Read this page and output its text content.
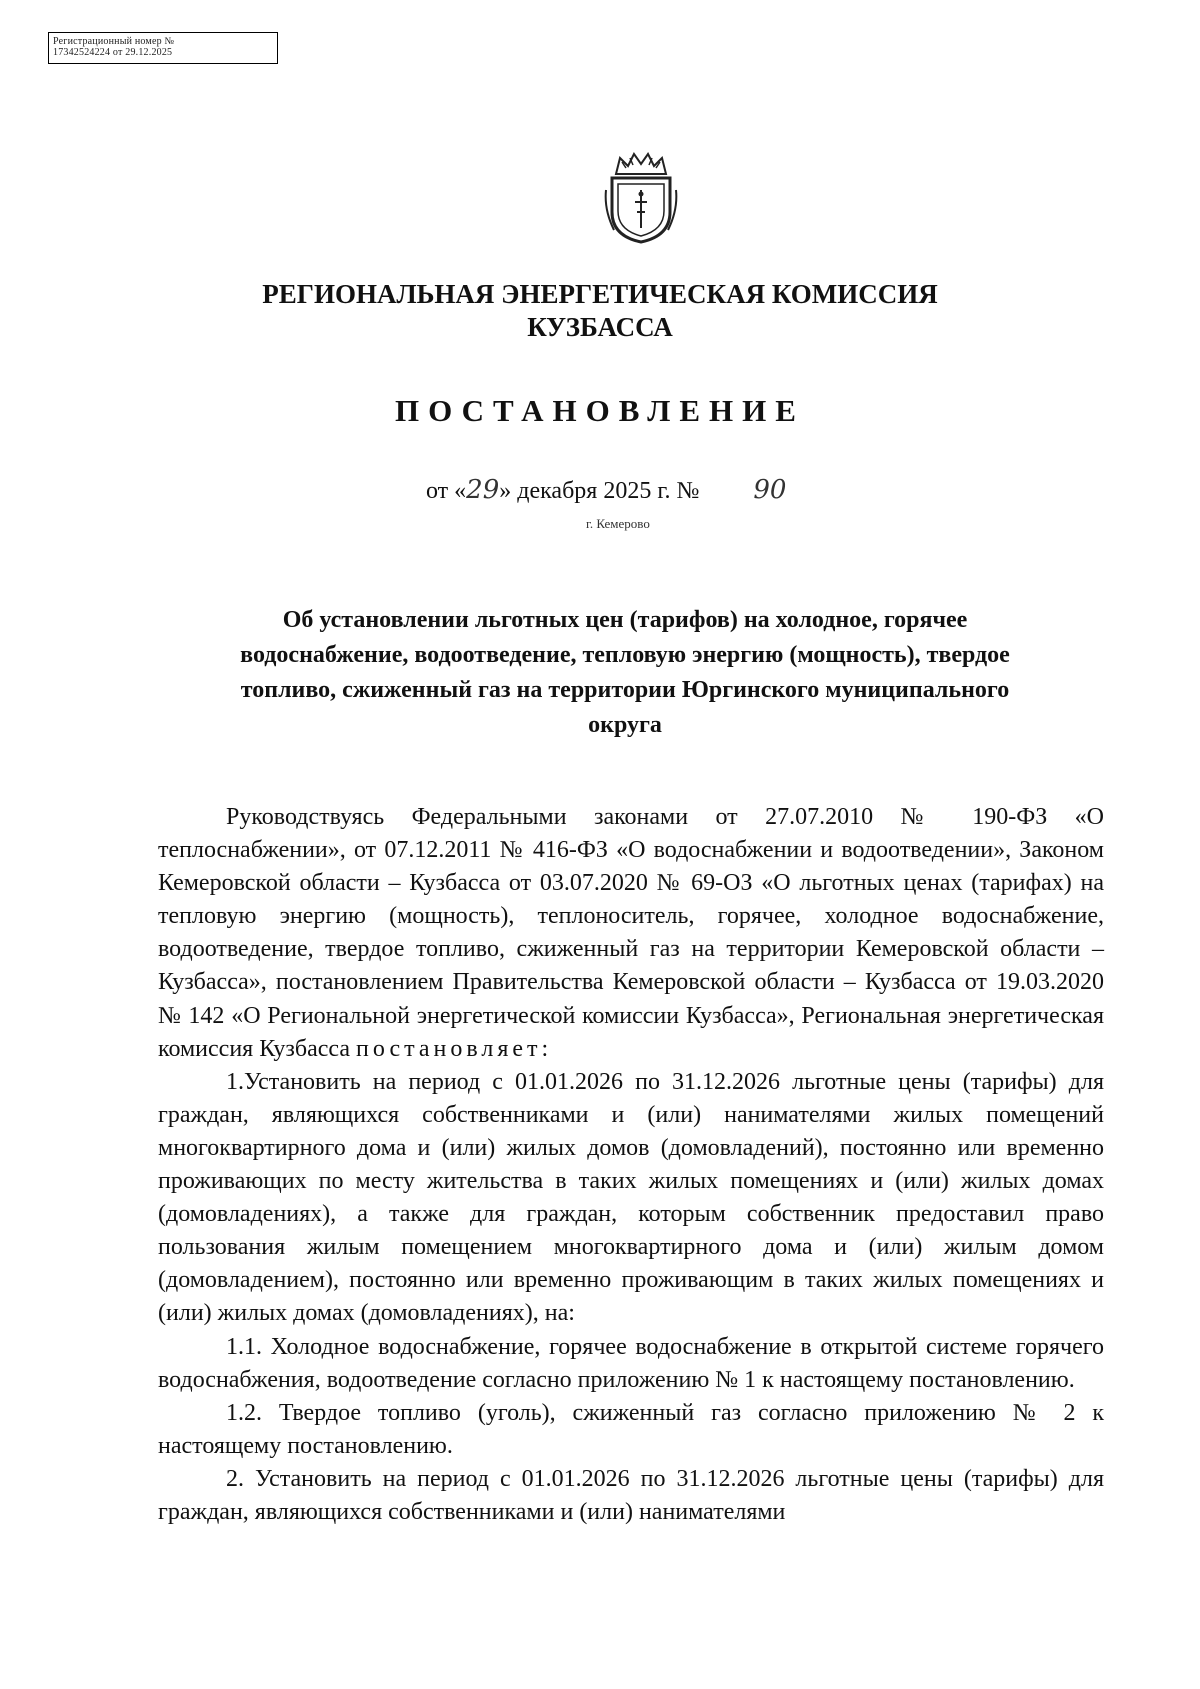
Регистрационный номер №
17342524224 от 29.12.2025
РЕГИОНАЛЬНАЯ ЭНЕРГЕТИЧЕСКАЯ КОМИССИЯ
КУЗБАССА
ПОСТАНОВЛЕНИЕ
от «29» декабря 2025 г. № 90
г. Кемерово
Об установлении льготных цен (тарифов) на холодное, горячее
водоснабжение, водоотведение, тепловую энергию (мощность), твердое
топливо, сжиженный газ на территории Юргинского муниципального
округа

Руководствуясь Федеральными законами от 27.07.2010 № 190-ФЗ «О теплоснабжении», от 07.12.2011 № 416-ФЗ «О водоснабжении и водоотведении», Законом Кемеровской области – Кузбасса от 03.07.2020 № 69-ОЗ «О льготных ценах (тарифах) на тепловую энергию (мощность), теплоноситель, горячее, холодное водоснабжение, водоотведение, твердое топливо, сжиженный газ на территории Кемеровской области – Кузбасса», постановлением Правительства Кемеровской области – Кузбасса от 19.03.2020 № 142 «О Региональной энергетической комиссии Кузбасса», Региональная энергетическая комиссия Кузбасса постановляет:

1.Установить на период с 01.01.2026 по 31.12.2026 льготные цены (тарифы) для граждан, являющихся собственниками и (или) нанимателями жилых помещений многоквартирного дома и (или) жилых домов (домовладений), постоянно или временно проживающих по месту жительства в таких жилых помещениях и (или) жилых домах (домовладениях), а также для граждан, которым собственник предоставил право пользования жилым помещением многоквартирного дома и (или) жилым домом (домовладением), постоянно или временно проживающим в таких жилых помещениях и (или) жилых домах (домовладениях), на:

1.1. Холодное водоснабжение, горячее водоснабжение в открытой системе горячего водоснабжения, водоотведение согласно приложению № 1 к настоящему постановлению.

1.2. Твердое топливо (уголь), сжиженный газ согласно приложению № 2 к настоящему постановлению.

2. Установить на период с 01.01.2026 по 31.12.2026 льготные цены (тарифы) для граждан, являющихся собственниками и (или) нанимателями
